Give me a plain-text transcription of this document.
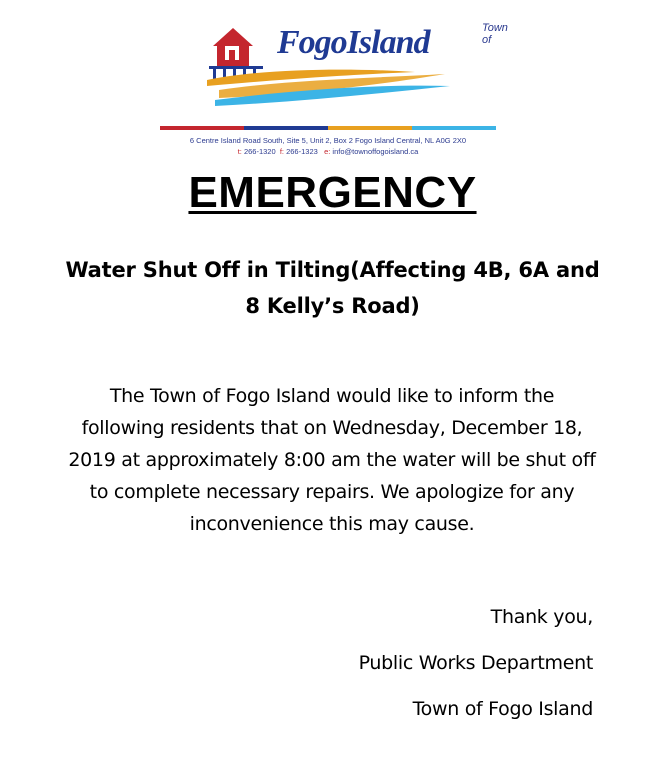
Town of
FogoIsland
6 Centre Island Road South, Site 5, Unit 2, Box 2 Fogo Island Central, NL A0G 2X0
t: 266-1320 f: 266-1323 e: info@townoffogoisland.ca
EMERGENCY
Water Shut Off in Tilting(Affecting 4B, 6A and
8 Kelly’s Road)
The Town of Fogo Island would like to inform the
following residents that on Wednesday, December 18,
2019 at approximately 8:00 am the water will be shut off
to complete necessary repairs. We apologize for any
inconvenience this may cause.
Thank you,
Public Works Department
Town of Fogo Island
